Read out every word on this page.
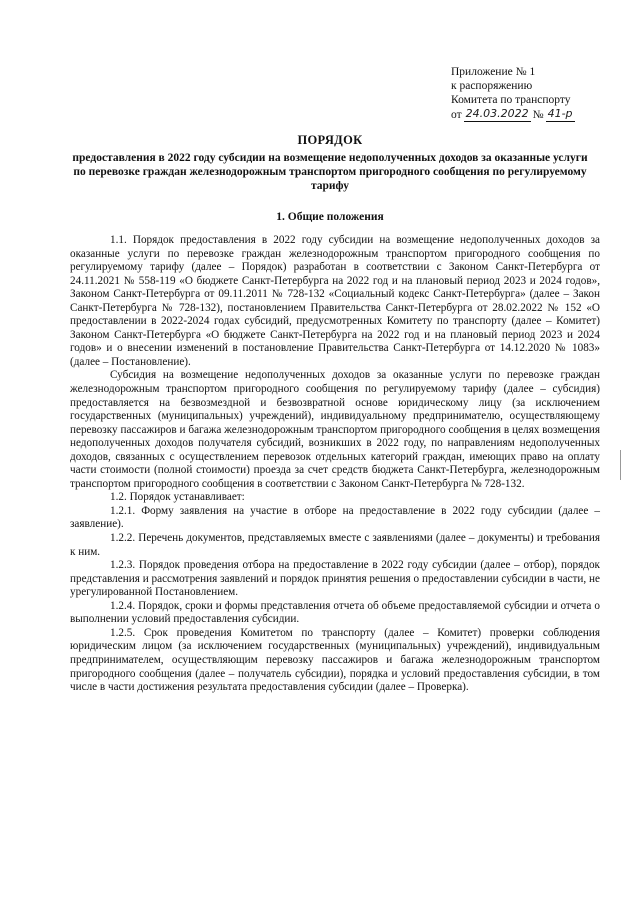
Приложение № 1
к распоряжению
Комитета по транспорту
от 24.03.2022 № 41-р
ПОРЯДОК
предоставления в 2022 году субсидии на возмещение недополученных доходов за оказанные услуги по перевозке граждан железнодорожным транспортом пригородного сообщения по регулируемому тарифу
1. Общие положения

1.1. Порядок предоставления в 2022 году субсидии на возмещение недополученных доходов за оказанные услуги по перевозке граждан железнодорожным транспортом пригородного сообщения по регулируемому тарифу (далее – Порядок) разработан в соответствии с Законом Санкт-Петербурга от 24.11.2021 № 558-119 «О бюджете Санкт-Петербурга на 2022 год и на плановый период 2023 и 2024 годов», Законом Санкт-Петербурга от 09.11.2011 № 728-132 «Социальный кодекс Санкт-Петербурга» (далее – Закон Санкт-Петербурга № 728-132), постановлением Правительства Санкт-Петербурга от 28.02.2022 № 152 «О предоставлении в 2022-2024 годах субсидий, предусмотренных Комитету по транспорту (далее – Комитет) Законом Санкт-Петербурга «О бюджете Санкт-Петербурга на 2022 год и на плановый период 2023 и 2024 годов» и о внесении изменений в постановление Правительства Санкт-Петербурга от 14.12.2020 № 1083» (далее – Постановление).

Субсидия на возмещение недополученных доходов за оказанные услуги по перевозке граждан железнодорожным транспортом пригородного сообщения по регулируемому тарифу (далее – субсидия) предоставляется на безвозмездной и безвозвратной основе юридическому лицу (за исключением государственных (муниципальных) учреждений), индивидуальному предпринимателю, осуществляющему перевозку пассажиров и багажа железнодорожным транспортом пригородного сообщения в целях возмещения недополученных доходов получателя субсидий, возникших в 2022 году, по направлениям недополученных доходов, связанных с осуществлением перевозок отдельных категорий граждан, имеющих право на оплату части стоимости (полной стоимости) проезда за счет средств бюджета Санкт-Петербурга, железнодорожным транспортом пригородного сообщения в соответствии с Законом Санкт-Петербурга № 728-132.

1.2. Порядок устанавливает:

1.2.1. Форму заявления на участие в отборе на предоставление в 2022 году субсидии (далее – заявление).

1.2.2. Перечень документов, представляемых вместе с заявлениями (далее – документы) и требования к ним.

1.2.3. Порядок проведения отбора на предоставление в 2022 году субсидии (далее – отбор), порядок представления и рассмотрения заявлений и порядок принятия решения о предоставлении субсидии в части, не урегулированной Постановлением.

1.2.4. Порядок, сроки и формы представления отчета об объеме предоставляемой субсидии и отчета о выполнении условий предоставления субсидии.

1.2.5. Срок проведения Комитетом по транспорту (далее – Комитет) проверки соблюдения юридическим лицом (за исключением государственных (муниципальных) учреждений), индивидуальным предпринимателем, осуществляющим перевозку пассажиров и багажа железнодорожным транспортом пригородного сообщения (далее – получатель субсидии), порядка и условий предоставления субсидии, в том числе в части достижения результата предоставления субсидии (далее – Проверка).
